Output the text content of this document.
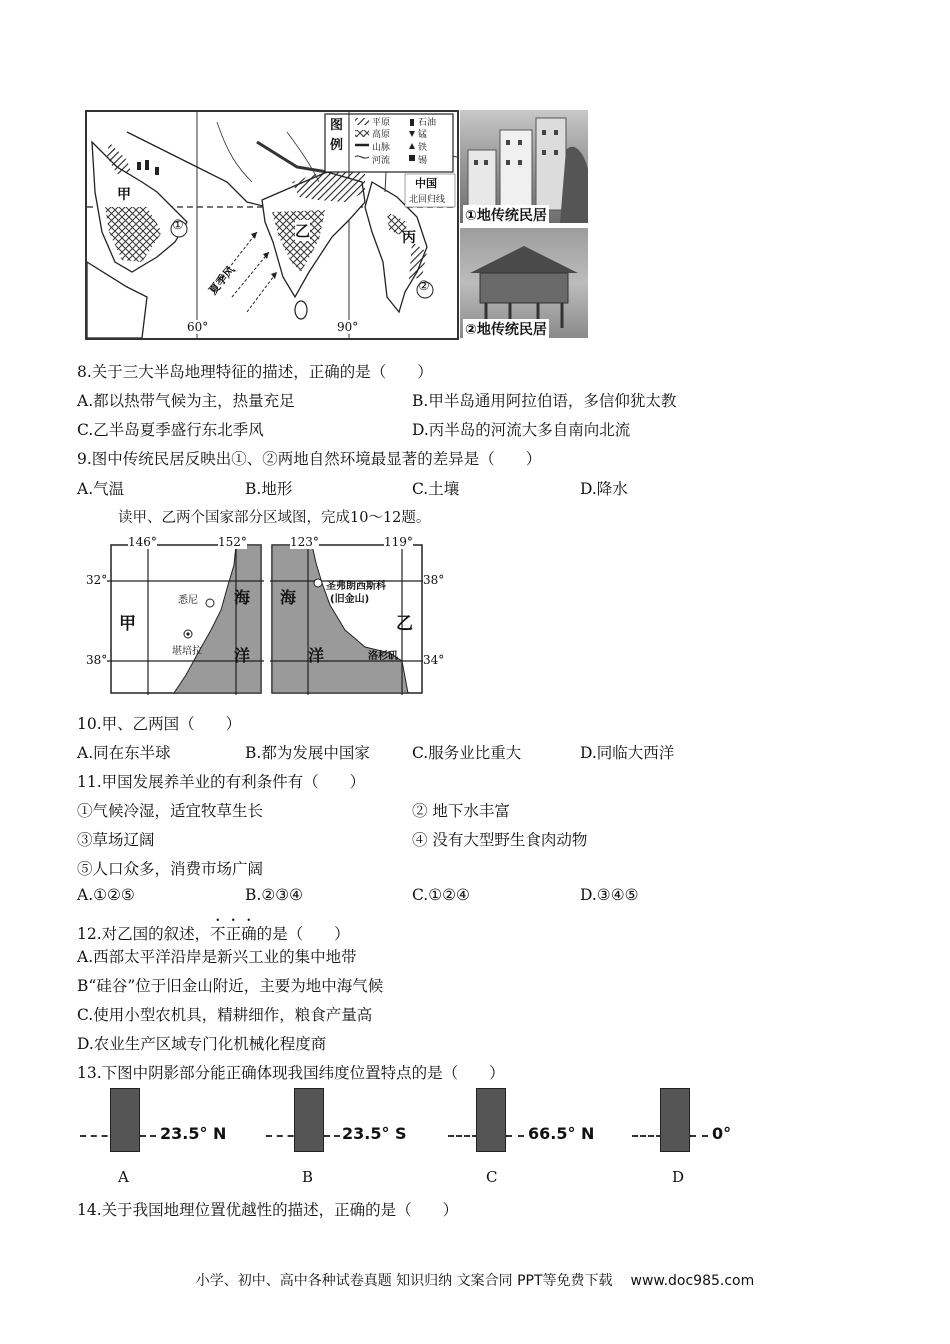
图例
平原
高原
山脉
河流
石油
锰
铁
锡
中国
北回归线
甲
乙	丙
①
②
夏季风
60°	90°
①地传统民居
②地传统民居
8.关于三大半岛地理特征的描述，正确的是（　　）
A.都以热带气候为主，热量充足	B.甲半岛通用阿拉伯语，多信仰犹太教
C.乙半岛夏季盛行东北季风	D.丙半岛的河流大多自南向北流
9.图中传统民居反映出①、②两地自然环境最显著的差异是（　　）
A.气温	B.地形	C.土壤	D.降水
读甲、乙两个国家部分区域图，完成10～12题。
146°	152°
32°
38°
甲
悉尼
堪培拉
海
洋
123°	119°
38°
34°
乙
圣弗朗西斯科
(旧金山)
洛杉矶
海
洋
10.甲、乙两国（　　）
A.同在东半球	B.都为发展中国家	C.服务业比重大	D.同临大西洋
11.甲国发展养羊业的有利条件有（　　）
①气候冷湿，适宜牧草生长	② 地下水丰富
③草场辽阔	④ 没有大型野生食肉动物
⑤人口众多，消费市场广阔
A.①②⑤	B.②③④	C.①②④	D.③④⑤
12.对乙国的叙述，不正确的是（　　）
A.西部太平洋沿岸是新兴工业的集中地带
B“硅谷”位于旧金山附近，主要为地中海气候
C.使用小型农机具，精耕细作，粮食产量高
D.农业生产区域专门化机械化程度商
13.下图中阴影部分能正确体现我国纬度位置特点的是（　　）
23.5° N
A
23.5° S
B
66.5° N
C
0°
D
14.关于我国地理位置优越性的描述，正确的是（　　）
小学、初中、高中各种试卷真题 知识归纳 文案合同 PPT等免费下载 www.doc985.com
